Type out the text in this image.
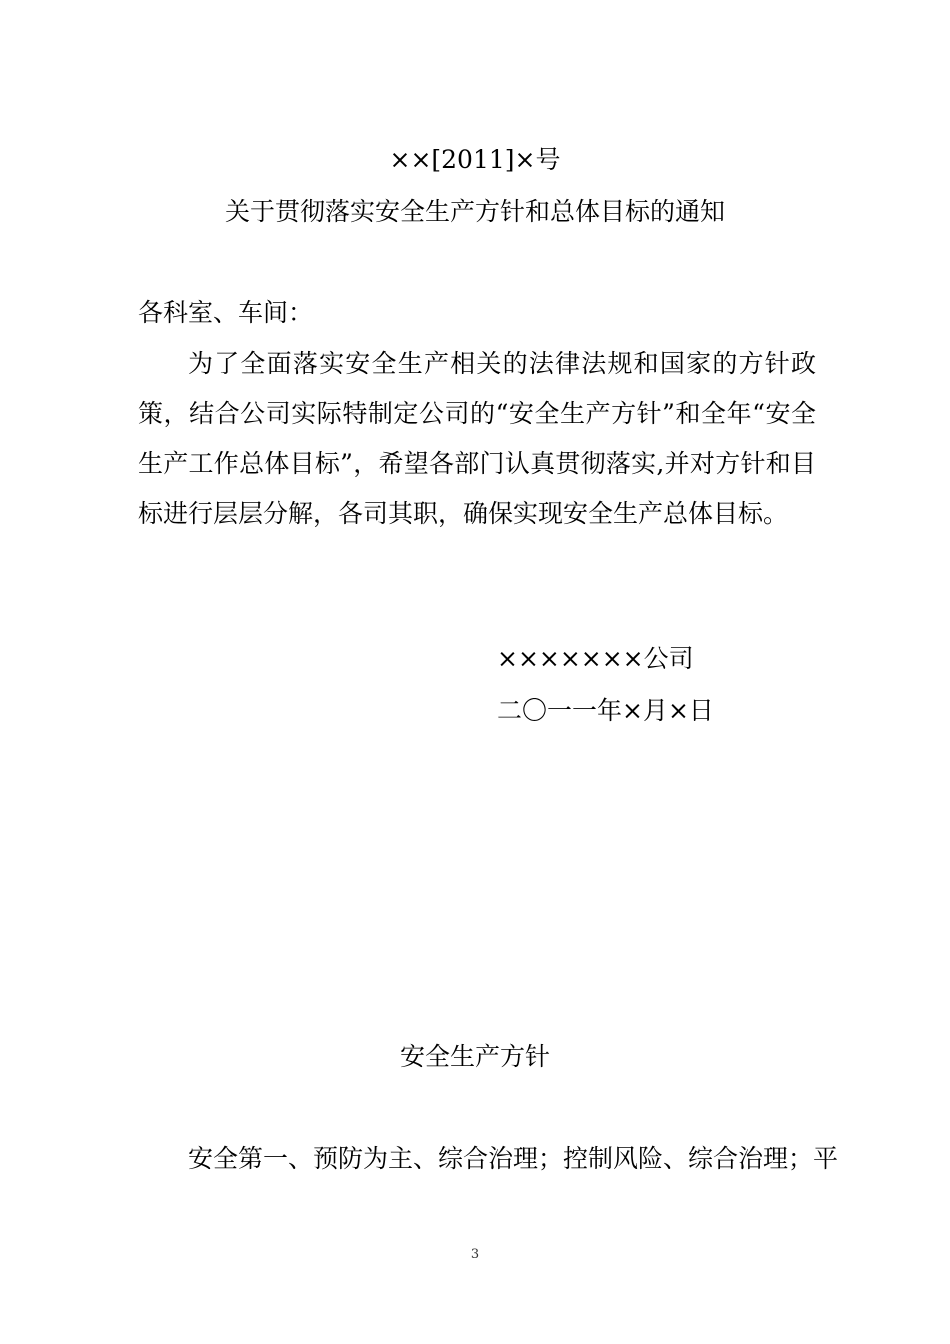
××[2011]×号
关于贯彻落实安全生产方针和总体目标的通知
各科室、车间：
为了全面落实安全生产相关的法律法规和国家的方针政策，结合公司实际特制定公司的“安全生产方针”和全年“安全生产工作总体目标”，希望各部门认真贯彻落实,并对方针和目标进行层层分解，各司其职，确保实现安全生产总体目标。
×××××××公司
二〇一一年×月×日
安全生产方针
安全第一、预防为主、综合治理；控制风险、综合治理；平
3
